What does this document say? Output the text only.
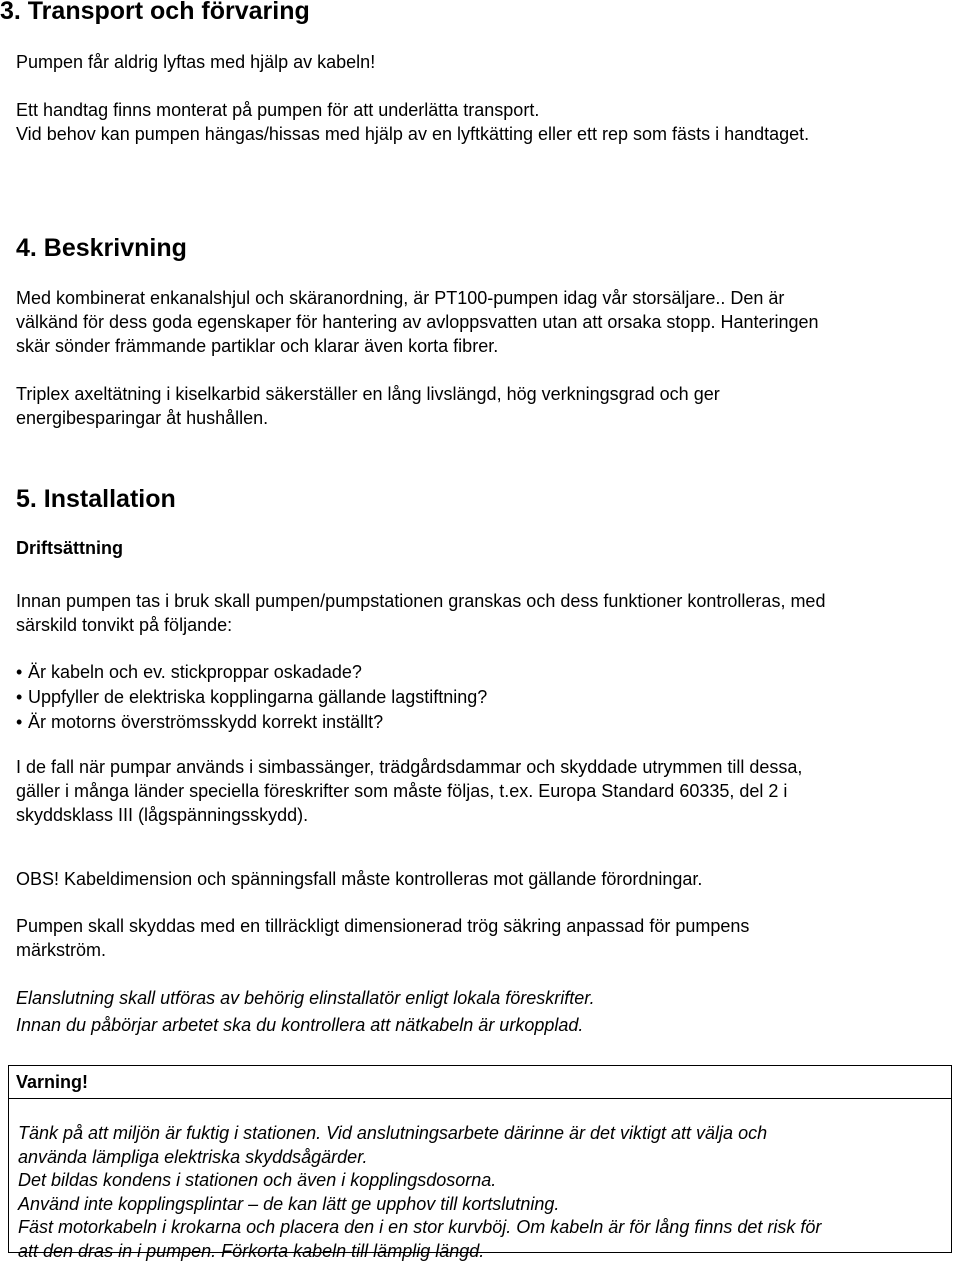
3. Transport och förvaring

Pumpen får aldrig lyftas med hjälp av kabeln!

Ett handtag finns monterat på pumpen för att underlätta transport.
Vid behov kan pumpen hängas/hissas med hjälp av en lyftkätting eller ett rep som fästs i handtaget.

4. Beskrivning

Med kombinerat enkanalshjul och skäranordning, är PT100-pumpen idag vår storsäljare.. Den är
välkänd för dess goda egenskaper för hantering av avloppsvatten utan att orsaka stopp. Hanteringen
skär sönder främmande partiklar och klarar även korta fibrer.

Triplex axeltätning i kiselkarbid säkerställer en lång livslängd, hög verkningsgrad och ger
energibesparingar åt hushållen.

5. Installation

Driftsättning

Innan pumpen tas i bruk skall pumpen/pumpstationen granskas och dess funktioner kontrolleras, med
särskild tonvikt på följande:

• Är kabeln och ev. stickproppar oskadade?
• Uppfyller de elektriska kopplingarna gällande lagstiftning?
• Är motorns överströmsskydd korrekt inställt?

I de fall när pumpar används i simbassänger, trädgårdsdammar och skyddade utrymmen till dessa,
gäller i många länder speciella föreskrifter som måste följas, t.ex. Europa Standard 60335, del 2 i
skyddsklass III (lågspänningsskydd).

OBS! Kabeldimension och spänningsfall måste kontrolleras mot gällande förordningar.

Pumpen skall skyddas med en tillräckligt dimensionerad trög säkring anpassad för pumpens
märkström.

Elanslutning skall utföras av behörig elinstallatör enligt lokala föreskrifter.
Innan du påbörjar arbetet ska du kontrollera att nätkabeln är urkopplad.

Varning!

Tänk på att miljön är fuktig i stationen. Vid anslutningsarbete därinne är det viktigt att välja och
använda lämpliga elektriska skyddsågärder.
Det bildas kondens i stationen och även i kopplingsdosorna.
Använd inte kopplingsplintar – de kan lätt ge upphov till kortslutning.
Fäst motorkabeln i krokarna och placera den i en stor kurvböj. Om kabeln är för lång finns det risk för
att den dras in i pumpen. Förkorta kabeln till lämplig längd.
